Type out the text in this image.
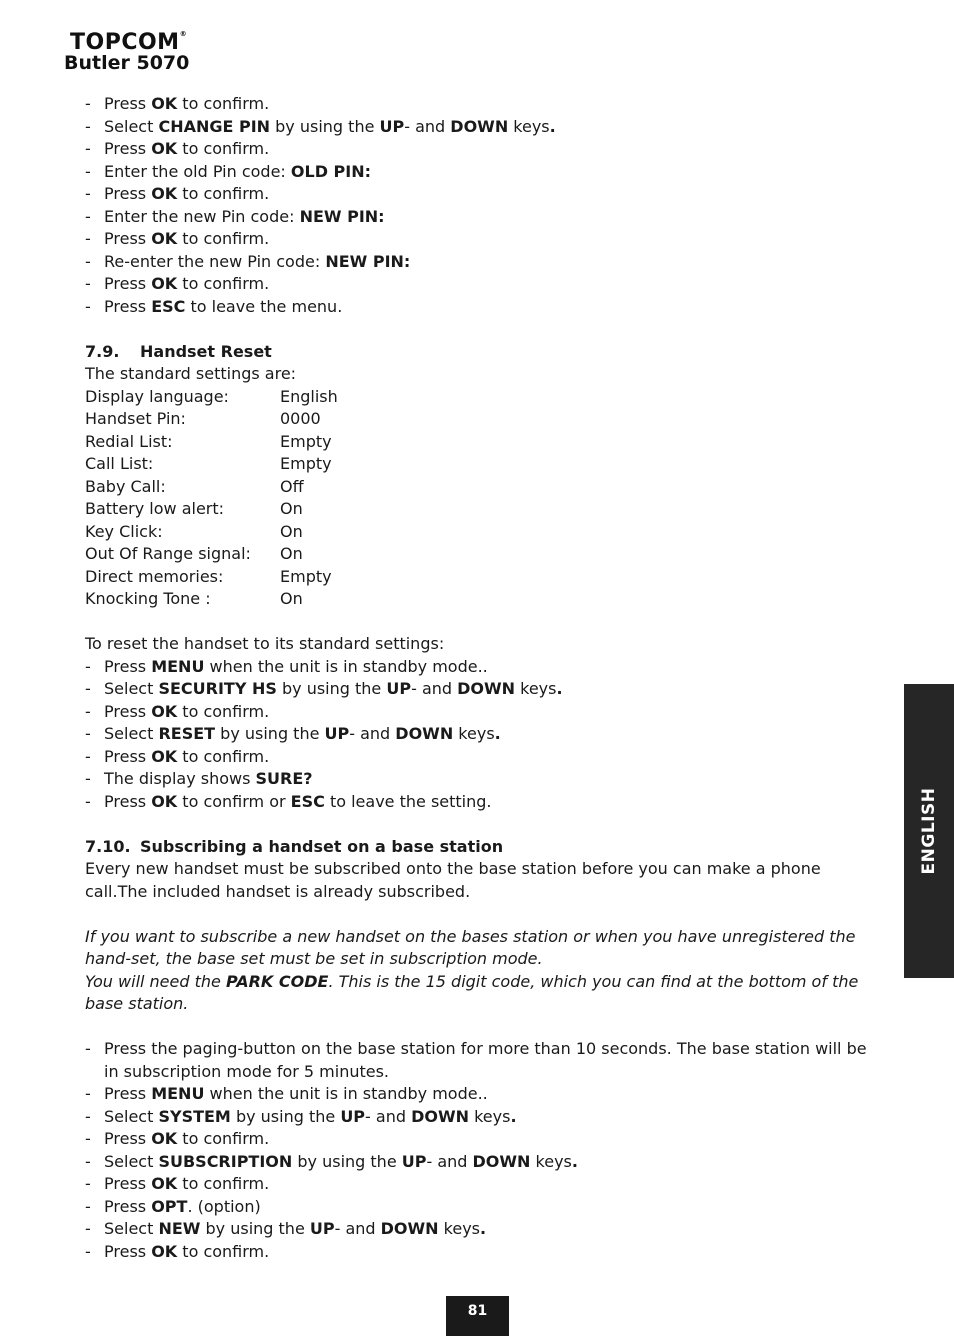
TOPCOM®
Butler 5070
- Press OK to confirm.
- Select CHANGE PIN by using the UP- and DOWN keys.
- Press OK to confirm.
- Enter the old Pin code: OLD PIN:
- Press OK to confirm.
- Enter the new Pin code: NEW PIN:
- Press OK to confirm.
- Re-enter the new Pin code: NEW PIN:
- Press OK to confirm.
- Press ESC to leave the menu.
7.9. Handset Reset
The standard settings are:
Display language:	English
Handset Pin:	0000
Redial List:	Empty
Call List:	Empty
Baby Call:	Off
Battery low alert:	On
Key Click:	On
Out Of Range signal:	On
Direct memories:	Empty
Knocking Tone :	On
To reset the handset to its standard settings:
- Press MENU when the unit is in standby mode..
- Select SECURITY HS by using the UP- and DOWN keys.
- Press OK to confirm.
- Select RESET by using the UP- and DOWN keys.
- Press OK to confirm.
- The display shows SURE?
- Press OK to confirm or ESC to leave the setting.
7.10. Subscribing a handset on a base station
Every new handset must be subscribed onto the base station before you can make a phone call.The included handset is already subscribed.
If you want to subscribe a new handset on the bases station or when you have unregistered the hand-set, the base set must be set in subscription mode.
You will need the PARK CODE. This is the 15 digit code, which you can find at the bottom of the base station.
- Press the paging-button on the base station for more than 10 seconds. The base station will be in subscription mode for 5 minutes.
- Press MENU when the unit is in standby mode..
- Select SYSTEM by using the UP- and DOWN keys.
- Press OK to confirm.
- Select SUBSCRIPTION by using the UP- and DOWN keys.
- Press OK to confirm.
- Press OPT. (option)
- Select NEW by using the UP- and DOWN keys.
- Press OK to confirm.
ENGLISH
81
